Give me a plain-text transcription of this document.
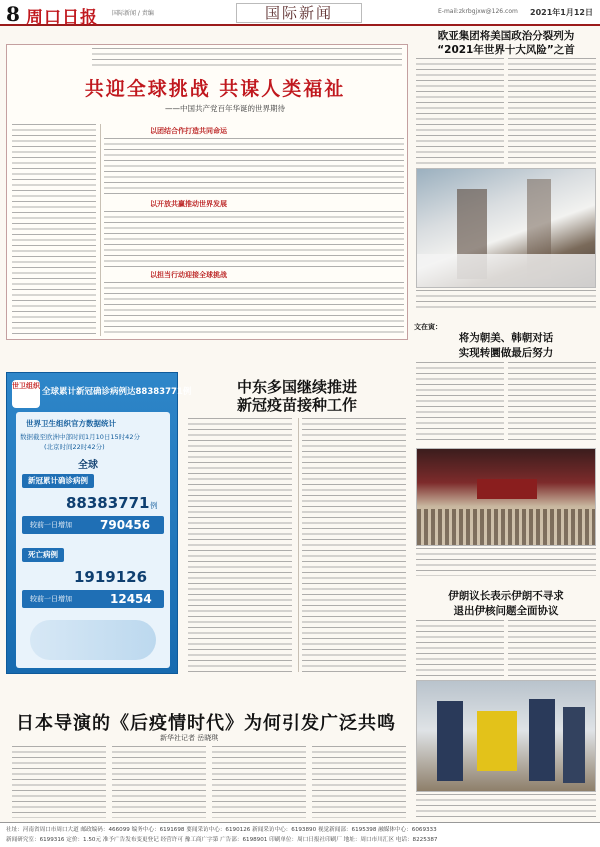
8 周口日报 国际新闻 / 责编	国际新闻	E-mail:zkrbgjxw@126.com 2021年1月12日
共迎全球挑战 共谋人类福祉
——中国共产党百年华诞的世界期待
以团结合作打造共同命运
以开放共赢推动世界发展
以担当行动迎接全球挑战
欧亚集团将美国政治分裂列为
“2021年世界十大风险”之首
文在寅：
将为朝美、韩朝对话
实现转圜做最后努力
伊朗议长表示伊朗不寻求
退出伊核问题全面协议
世卫组织
全球累计新冠确诊病例达88383771例
世界卫生组织官方数据统计
数据截至欧洲中部时间1月10日15时42分
(北京时间22时42分)
全球
新冠累计确诊病例
88383771 例
较前一日增加 790456
死亡病例
1919126
较前一日增加	12454
中东多国继续推进
新冠疫苗接种工作
日本导演的《后疫情时代》为何引发广泛共鸣
新华社记者 岳晓琪
社址：河南省周口市周口大道 邮政编码：466099 编务中心：6191698 要闻采访中心：6190126 新闻采访中心：6193890 视觉新闻部：6195398 融媒体中心：6069333
新闻研究室：6199316 定价：1.50元 准予广告发布变更登记 经营许可 豫工商广字第 广告部：6198901 印刷单位：周口日报社印刷厂 地址：周口市川汇区 电话：8225387
